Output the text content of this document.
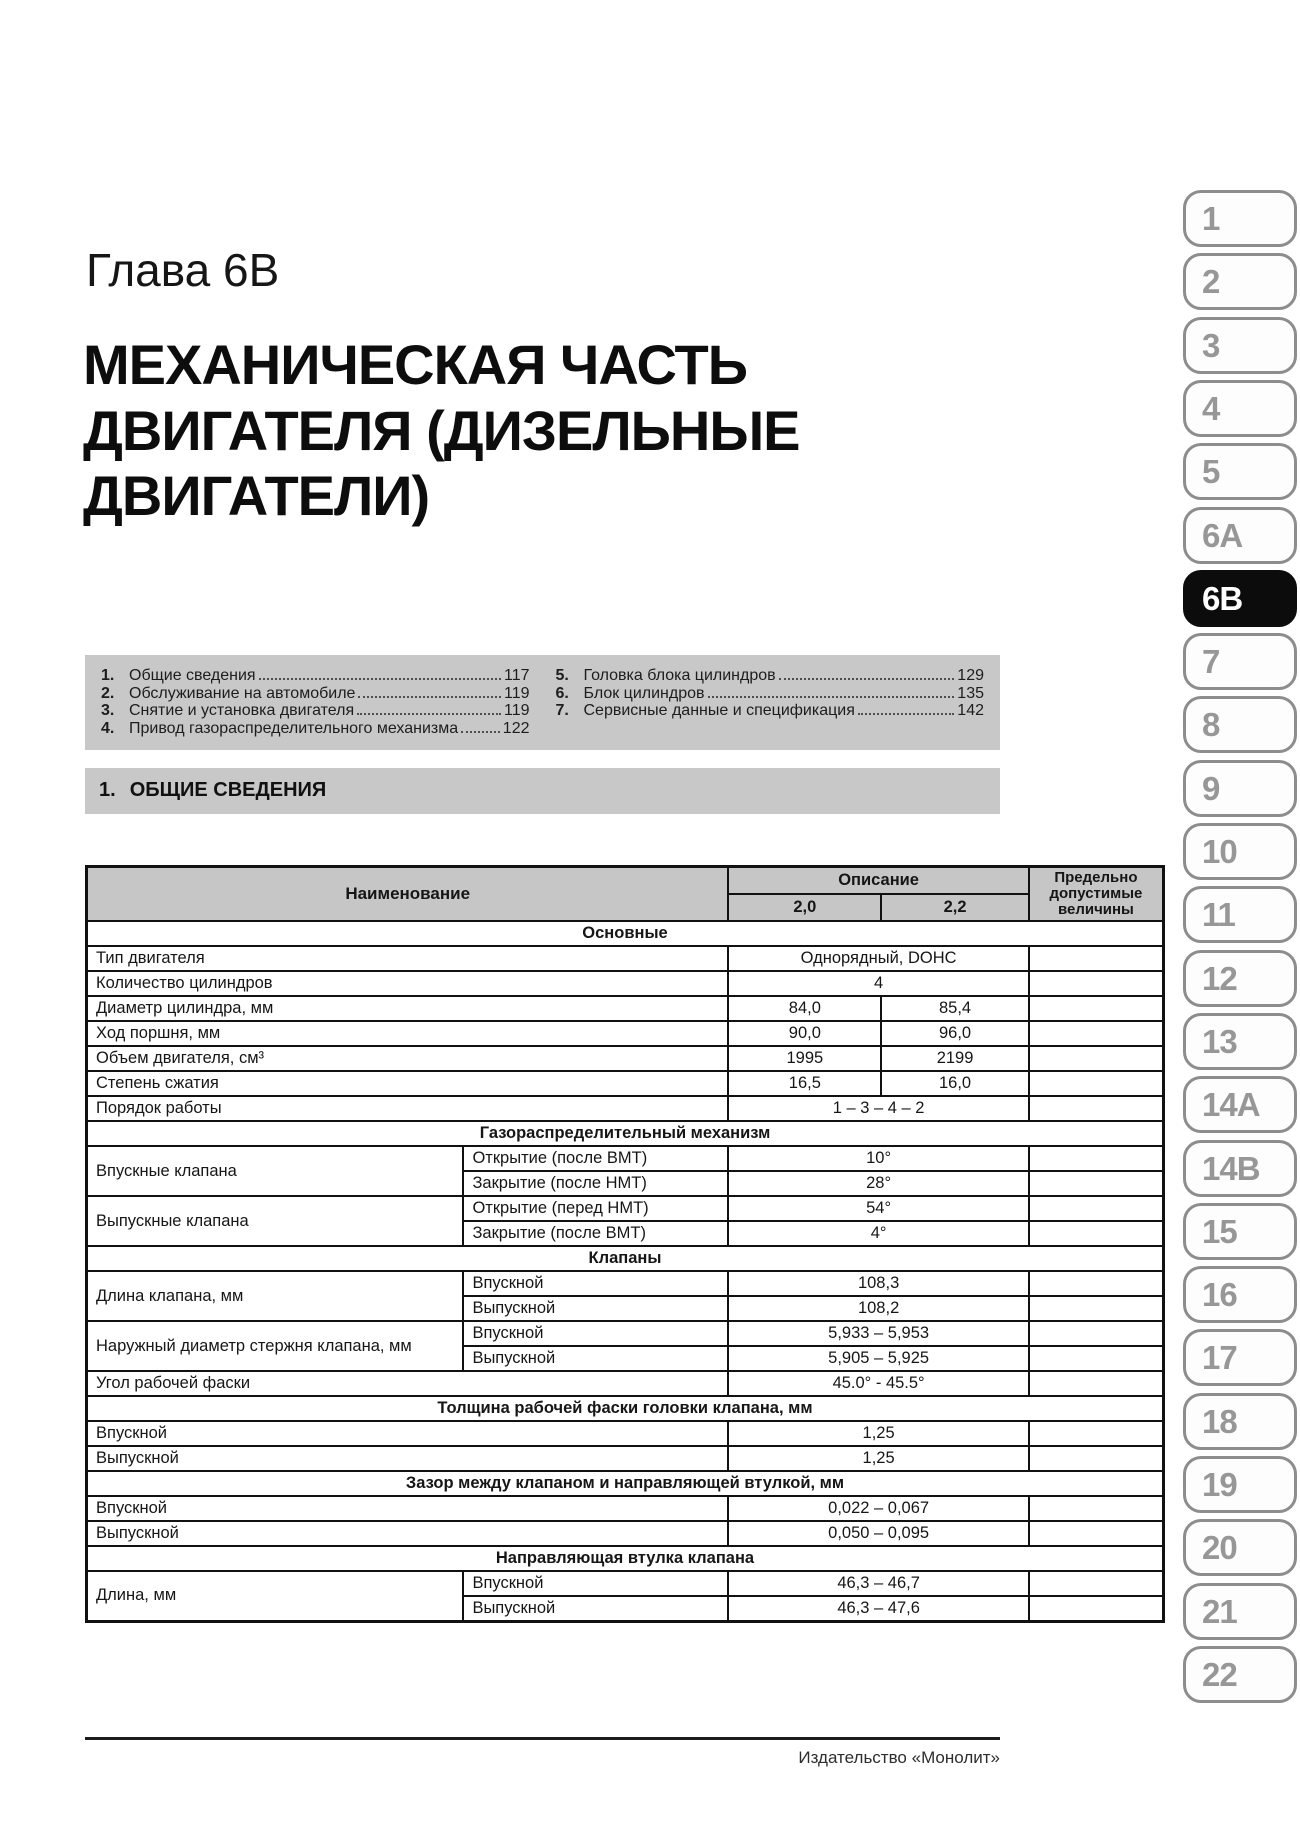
Глава 6B
МЕХАНИЧЕСКАЯ ЧАСТЬ
ДВИГАТЕЛЯ (ДИЗЕЛЬНЫЕ
ДВИГАТЕЛИ)
1. Общие сведения	117
2. Обслуживание на автомобиле	119
3. Снятие и установка двигателя	119
4. Привод газораспределительного механизма	122
5. Головка блока цилиндров	129
6. Блок цилиндров	135
7. Сервисные данные и спецификация	142
1. ОБЩИЕ СВЕДЕНИЯ
Наименование		Описание		Предельно допустимые величины
		2,0	2,2	
Основные				
Тип двигателя		Однорядный, DOHC		
Количество цилиндров		4		
Диаметр цилиндра, мм		84,0	85,4	
Ход поршня, мм		90,0	96,0	
Объем двигателя, см³		1995	2199	
Степень сжатия		16,5	16,0	
Порядок работы		1 – 3 – 4 – 2		
Газораспределительный механизм				
Впускные клапана	Открытие (после ВМТ)	10°		
	Закрытие (после НМТ)	28°		
Выпускные клапана	Открытие (перед НМТ)	54°		
	Закрытие (после ВМТ)	4°		
Клапаны				
Длина клапана, мм	Впускной	108,3		
	Выпускной	108,2		
Наружный диаметр стержня клапана, мм	Впускной	5,933 – 5,953		
	Выпускной	5,905 – 5,925		
Угол рабочей фаски		45.0° - 45.5°		
Толщина рабочей фаски головки клапана, мм				
Впускной		1,25		
Выпускной		1,25		
Зазор между клапаном и направляющей втулкой, мм				
Впускной		0,022 – 0,067		
Выпускной		0,050 – 0,095		
Направляющая втулка клапана				
Длина, мм	Впускной	46,3 – 46,7		
	Выпускной	46,3 – 47,6		
1
2
3
4
5
6A
6B
7
8
9
10
11
12
13
14A
14B
15
16
17
18
19
20
21
22
Издательство «Монолит»
